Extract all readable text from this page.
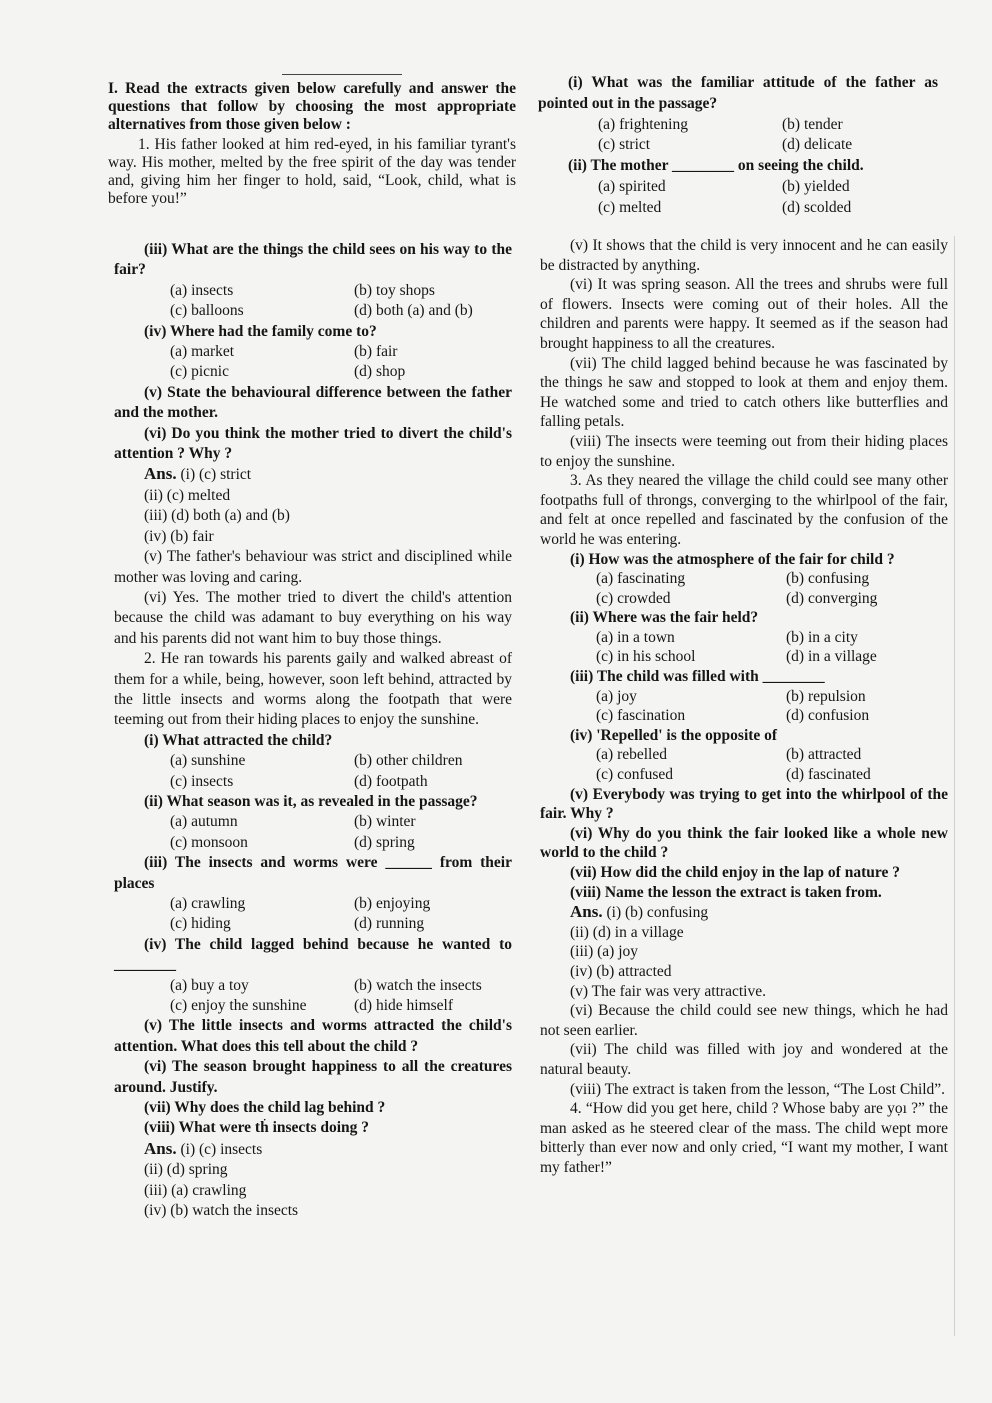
I. Read the extracts given below carefully and answer the questions that follow by choosing the most appropriate alternatives from those given below :

1. His father looked at him red-eyed, in his familiar tyrant's way. His mother, melted by the free spirit of the day was tender and, giving him her finger to hold, said, “Look, child, what is before you!”

(iii) What are the things the child sees on his way to the fair?

(a) insects	(b) toy shops
(c) balloons	(d) both (a) and (b)

(iv) Where had the family come to?

(a) market	(b) fair
(c) picnic	(d) shop

(v) State the behavioural difference between the father and the mother.

(vi) Do you think the mother tried to divert the child's attention ? Why ?

Ans. (i) (c) strict

(ii) (c) melted

(iii) (d) both (a) and (b)

(iv) (b) fair

(v) The father's behaviour was strict and disciplined while mother was loving and caring.

(vi) Yes. The mother tried to divert the child's attention because the child was adamant to buy everything on his way and his parents did not want him to buy those things.

2. He ran towards his parents gaily and walked abreast of them for a while, being, however, soon left behind, attracted by the little insects and worms along the footpath that were teeming out from their hiding places to enjoy the sunshine.

(i) What attracted the child?

(a) sunshine	(b) other children
(c) insects	(d) footpath

(ii) What season was it, as revealed in the passage?

(a) autumn	(b) winter
(c) monsoon	(d) spring

(iii) The insects and worms were ______ from their places

(a) crawling	(b) enjoying
(c) hiding	(d) running

(iv) The child lagged behind because he wanted to ________

(a) buy a toy	(b) watch the insects
(c) enjoy the sunshine	(d) hide himself

(v) The little insects and worms attracted the child's attention. What does this tell about the child ?

(vi) The season brought happiness to all the creatures around. Justify.

(vii) Why does the child lag behind ?

(viii) What were th͘ insects doing ?

Ans. (i) (c) insects

(ii) (d) spring

(iii) (a) crawling

(iv) (b) watch the insects

(i) What was the familiar attitude of the father as pointed out in the passage?

(a) frightening	(b) tender
(c) strict	(d) delicate

(ii) The mother ________ on seeing the child.

(a) spirited	(b) yielded
(c) melted	(d) scolded

(v) It shows that the child is very innocent and he can easily be distracted by anything.

(vi) It was spring season. All the trees and shrubs were full of flowers. Insects were coming out of their holes. All the children and parents were happy. It seemed as if the season had brought happiness to all the creatures.

(vii) The child lagged behind because he was fascinated by the things he saw and stopped to look at them and enjoy them. He watched some and tried to catch others like butterflies and falling petals.

(viii) The insects were teeming out from their hiding places to enjoy the sunshine.

3. As they neared the village the child could see many other footpaths full of throngs, converging to the whirlpool of the fair, and felt at once repelled and fascinated by the confusion of the world he was entering.

(i) How was the atmosphere of the fair for child ?

(a) fascinating	(b) confusing
(c) crowded	(d) converging

(ii) Where was the fair held?

(a) in a town	(b) in a city
(c) in his school	(d) in a village

(iii) The child was filled with ________

(a) joy	(b) repulsion
(c) fascination	(d) confusion

(iv) 'Repelled' is the opposite of

(a) rebelled	(b) attracted
(c) confused	(d) fascinated

(v) Everybody was trying to get into the whirlpool of the fair. Why ?

(vi) Why do you think the fair looked like a whole new world to the child ?

(vii) How did the child enjoy in the lap of nature ?

(viii) Name the lesson the extract is taken from.

Ans. (i) (b) confusing

(ii) (d) in a village

(iii) (a) joy

(iv) (b) attracted

(v) The fair was very attractive.

(vi) Because the child could see new things, which he had not seen earlier.

(vii) The child was filled with joy and wondered at the natural beauty.

(viii) The extract is taken from the lesson, “The Lost Child”.

4. “How did you get here, child ? Whose baby are yọı ?” the man asked as he steered clear of the mass. The child wept more bitterly than ever now and only cried, “I want my mother, I want my father!”
